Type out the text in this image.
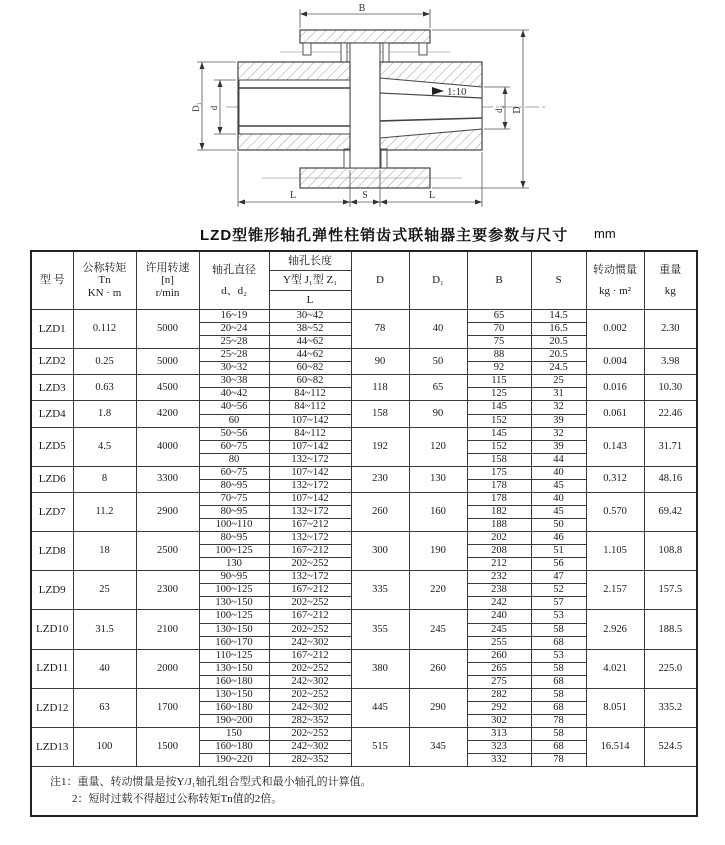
1:10
B
D
d₂
D₁ d
L	S	L
LZD型锥形轴孔弹性柱销齿式联轴器主要参数与尺寸 mm
型 号

公称转矩
Tn
KN · m

许用转速
[n]
r/min

轴孔直径
d、d₂

轴孔长度
Y型 J₁型 Z₁
L

D	D₁	B	S

转动惯量
kg · m²

重量
kg

LZD1	0.112	5000	16~19	30~42	78	40	65	14.5	0.002	2.30
			20~24	38~52			70	16.5		
			25~28	44~62			75	20.5		
LZD2	0.25	5000	25~28	44~62	90	50	88	20.5	0.004	3.98
			30~32	60~82			92	24.5		
LZD3	0.63	4500	30~38	60~82	118	65	115	25	0.016	10.30
			40~42	84~112			125	31		
LZD4	1.8	4200	40~56	84~112	158	90	145	32	0.061	22.46
			60	107~142			152	39		
LZD5	4.5	4000	50~56	84~112	192	120	145	32	0.143	31.71
			60~75	107~142			152	39		
			80	132~172			158	44		
LZD6	8	3300	60~75	107~142	230	130	175	40	0.312	48.16
			80~95	132~172			178	45		
LZD7	11.2	2900	70~75	107~142	260	160	178	40	0.570	69.42
			80~95	132~172			182	45		
			100~110	167~212			188	50		
LZD8	18	2500	80~95	132~172	300	190	202	46	1.105	108.8
			100~125	167~212			208	51		
			130	202~252			212	56		
LZD9	25	2300	90~95	132~172	335	220	232	47	2.157	157.5
			100~125	167~212			238	52		
			130~150	202~252			242	57		
LZD10	31.5	2100	100~125	167~212	355	245	240	53	2.926	188.5
			130~150	202~252			245	58		
			160~170	242~302			255	68		
LZD11	40	2000	110~125	167~212	380	260	260	53	4.021	225.0
			130~150	202~252			265	58		
			160~180	242~302			275	68		
LZD12	63	1700	130~150	202~252	445	290	282	58	8.051	335.2
			160~180	242~302			292	68		
			190~200	282~352			302	78		
LZD13	100	1500	150	202~252	515	345	313	58	16.514	524.5
			160~180	242~302			323	68		
			190~220	282~352			332	78		

注1：重量、转动惯量是按Y/J₁轴孔组合型式和最小轴孔的计算值。
2：短时过载不得超过公称转矩Tn值的2倍。										
